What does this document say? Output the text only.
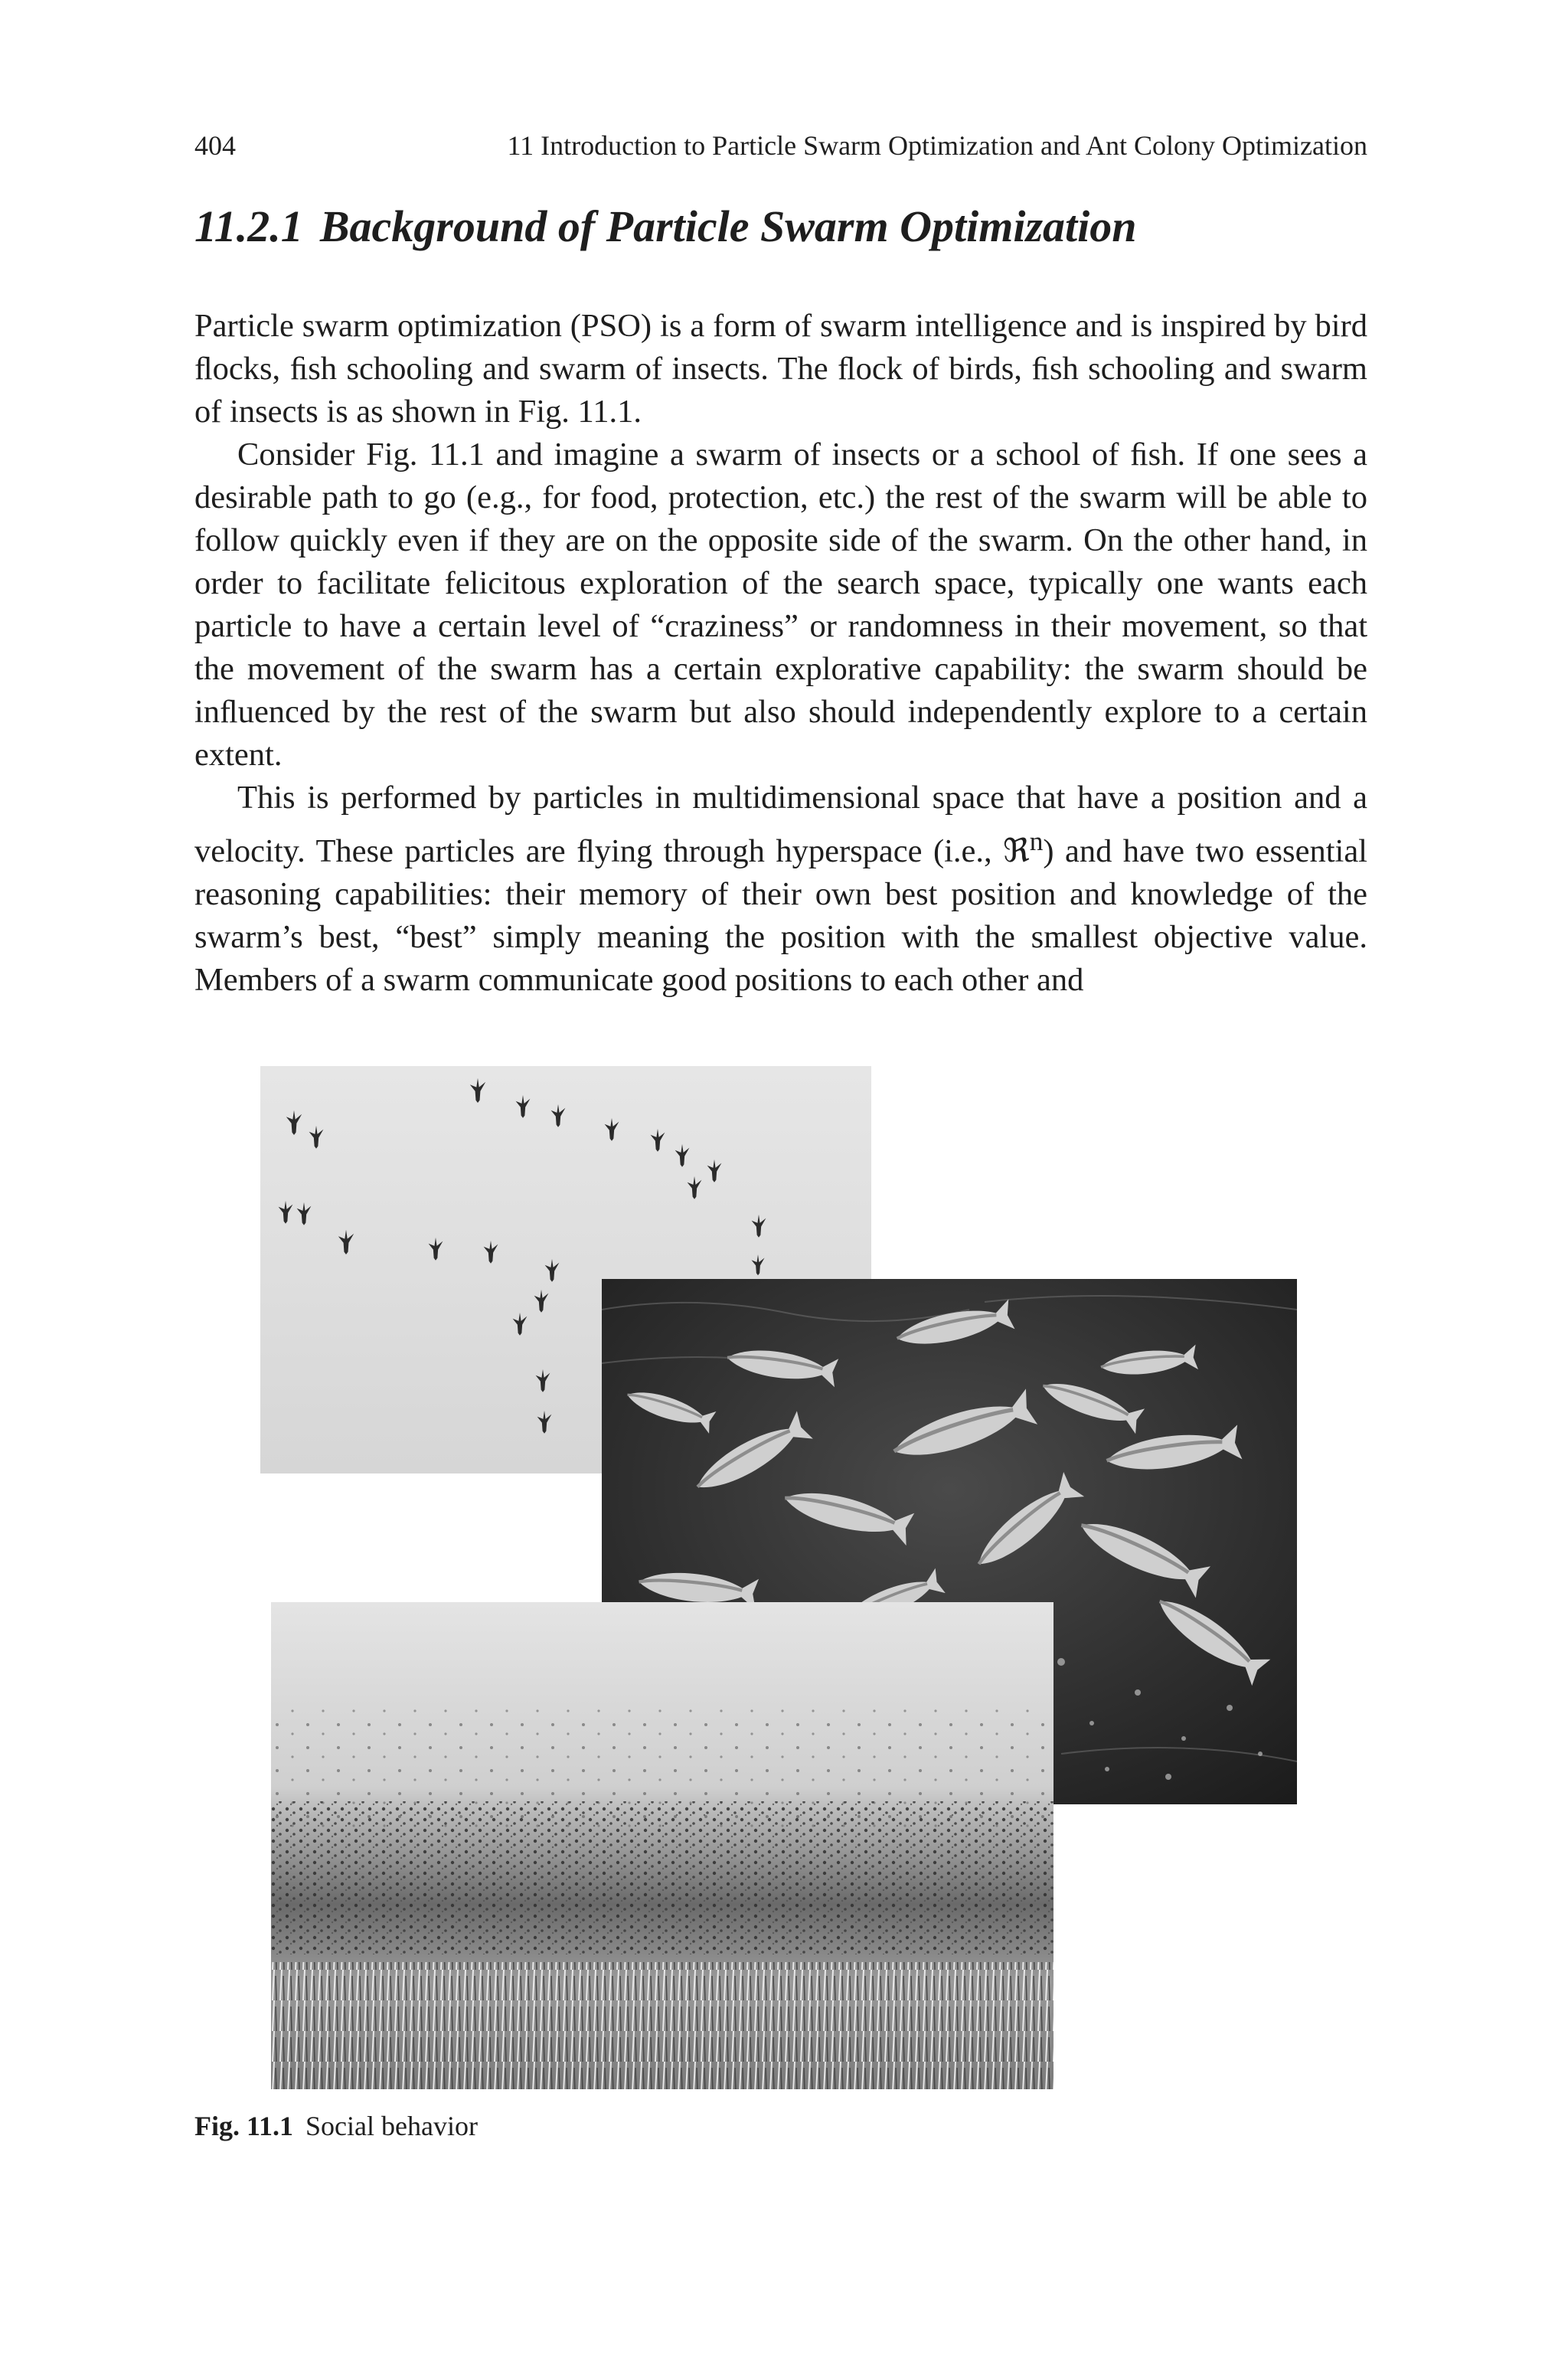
404	11 Introduction to Particle Swarm Optimization and Ant Colony Optimization
11.2.1 Background of Particle Swarm Optimization

Particle swarm optimization (PSO) is a form of swarm intelligence and is inspired by bird ﬂocks, ﬁsh schooling and swarm of insects. The ﬂock of birds, ﬁsh schooling and swarm of insects is as shown in Fig. 11.1.

Consider Fig. 11.1 and imagine a swarm of insects or a school of ﬁsh. If one sees a desirable path to go (e.g., for food, protection, etc.) the rest of the swarm will be able to follow quickly even if they are on the opposite side of the swarm. On the other hand, in order to facilitate felicitous exploration of the search space, typically one wants each particle to have a certain level of “craziness” or randomness in their movement, so that the movement of the swarm has a certain explorative capability: the swarm should be inﬂuenced by the rest of the swarm but also should independently explore to a certain extent.

This is performed by particles in multidimensional space that have a position and a velocity. These particles are ﬂying through hyperspace (i.e., ℜ$^n$) and have two essential reasoning capabilities: their memory of their own best position and knowledge of the swarm’s best, “best” simply meaning the position with the smallest objective value. Members of a swarm communicate good positions to each other and

Fig. 11.1 Social behavior
